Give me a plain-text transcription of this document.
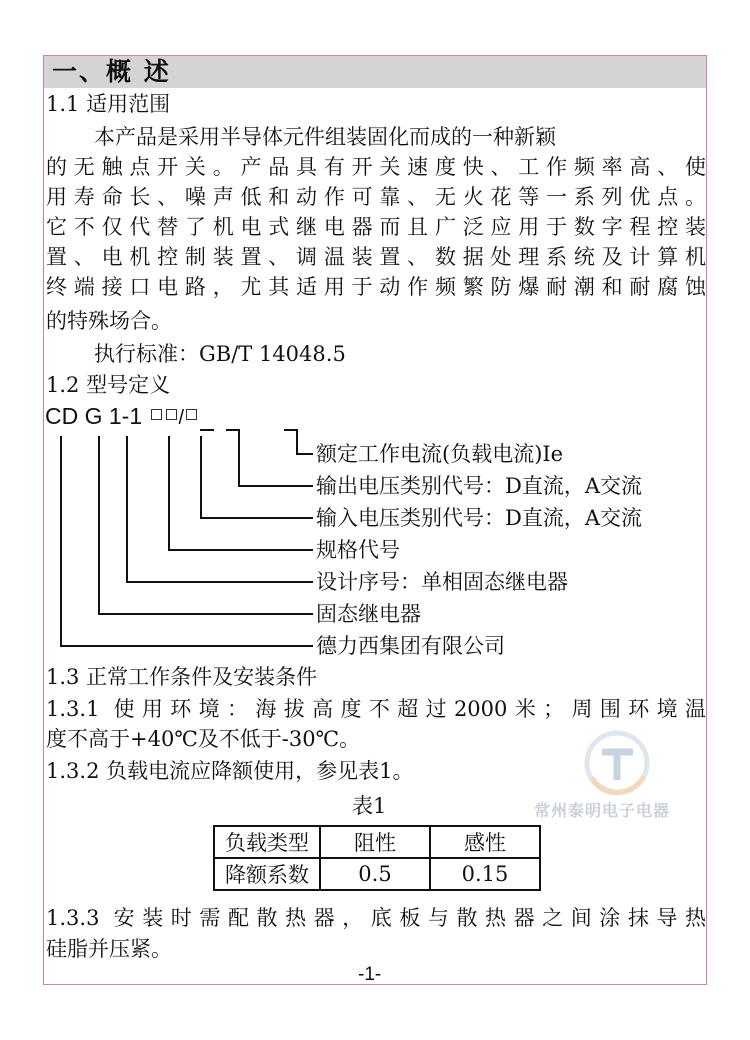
一、概 述
1.1 适用范围
本产品是采用半导体元件组装固化而成的一种新颖
的无触点开关。产品具有开关速度快、工作频率高、使
用寿命长、噪声低和动作可靠、无火花等一系列优点。
它不仅代替了机电式继电器而且广泛应用于数字程控装
置、电机控制装置、调温装置、数据处理系统及计算机
终端接口电路，尤其适用于动作频繁防爆耐潮和耐腐蚀
的特殊场合。
执行标准：GB/T 14048.5
1.2 型号定义
CD G 1-1 /
额定工作电流(负载电流)Ie
输出电压类别代号：D直流，A交流
输入电压类别代号：D直流，A交流
规格代号
设计序号：单相固态继电器
固态继电器
德力西集团有限公司
1.3 正常工作条件及安装条件
1.3.1 使用环境：海拔高度不超过2000米；周围环境温
度不高于+40℃及不低于-30℃。
1.3.2 负载电流应降额使用，参见表1。
表1
负载类型	阻性	感性
降额系数	0.5	0.15
1.3.3 安装时需配散热器，底板与散热器之间涂抹导热
硅脂并压紧。
常州泰明电子电器
-1-
